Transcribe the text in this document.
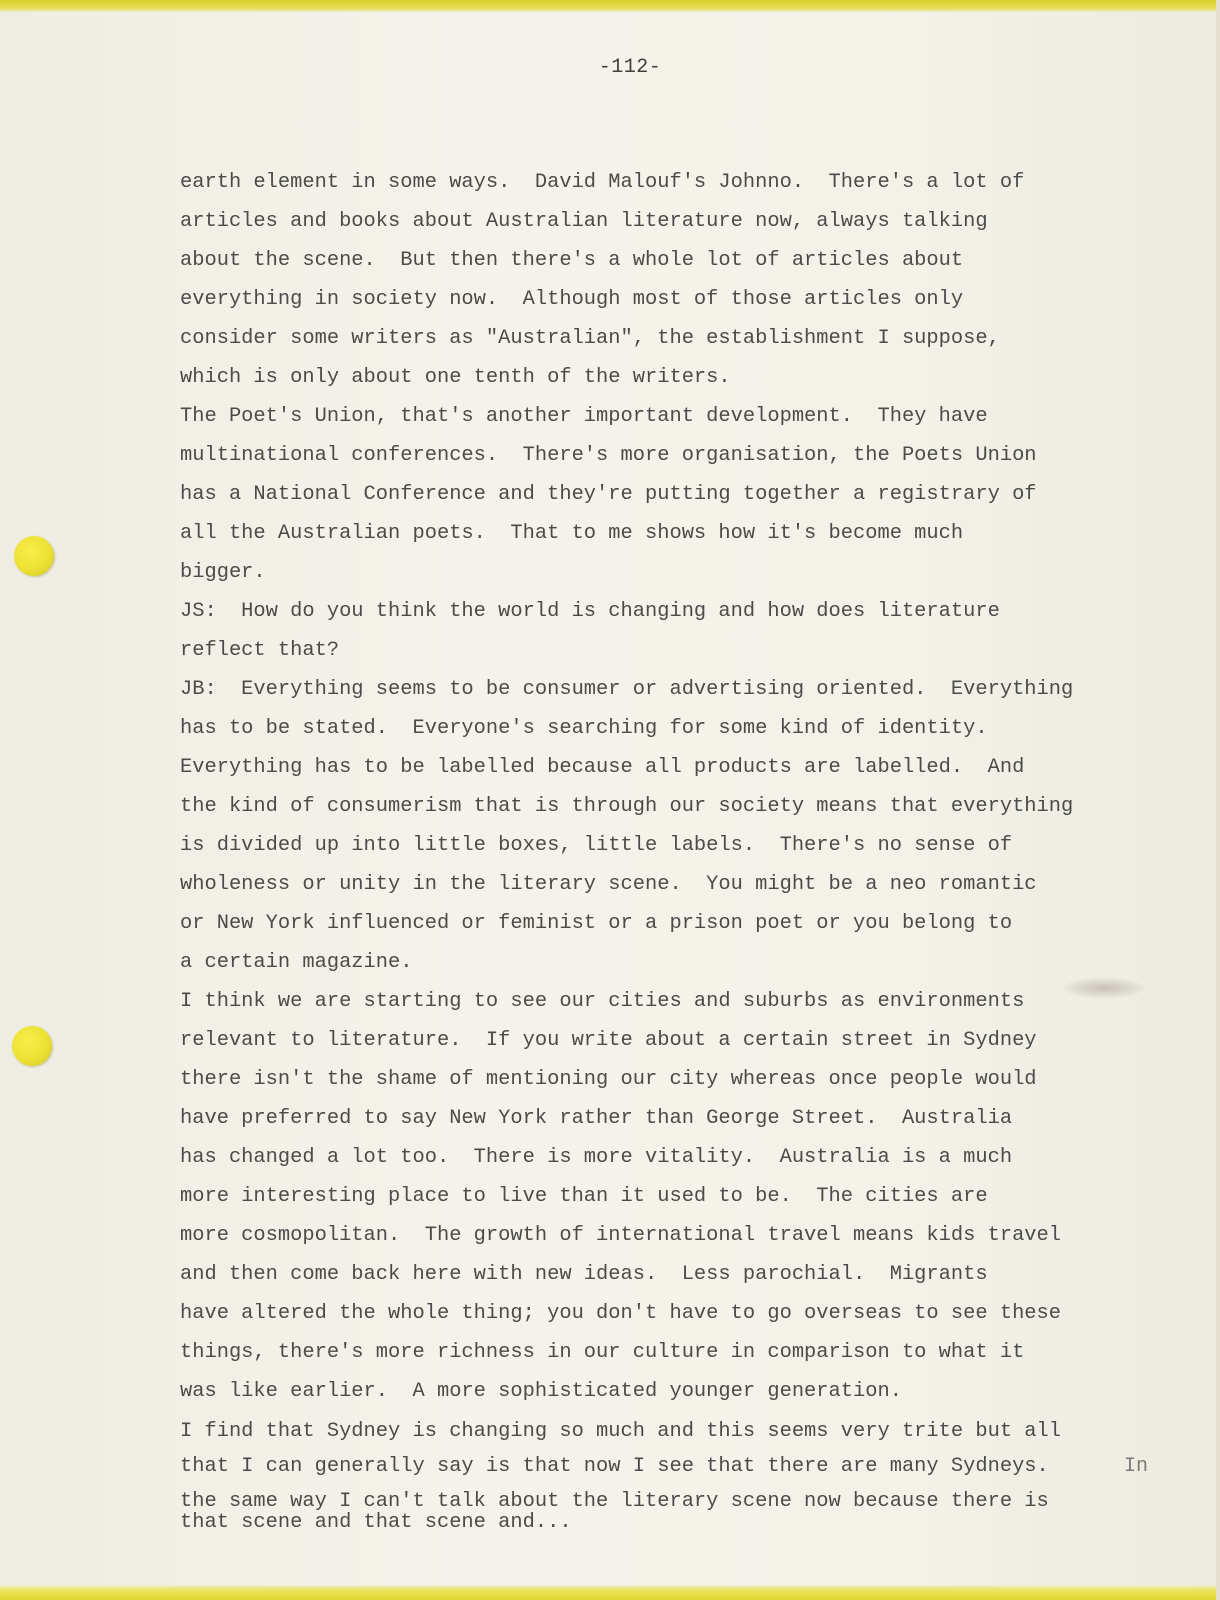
-112-
earth element in some ways.  David Malouf's Johnno.  There's a lot of
articles and books about Australian literature now, always talking
about the scene.  But then there's a whole lot of articles about
everything in society now.  Although most of those articles only
consider some writers as "Australian", the establishment I suppose,
which is only about one tenth of the writers.
The Poet's Union, that's another important development.  They have
multinational conferences.  There's more organisation, the Poets Union
has a National Conference and they're putting together a registrary of
all the Australian poets.  That to me shows how it's become much
bigger.
JS:  How do you think the world is changing and how does literature
reflect that?
JB:  Everything seems to be consumer or advertising oriented.  Everything
has to be stated.  Everyone's searching for some kind of identity.
Everything has to be labelled because all products are labelled.  And
the kind of consumerism that is through our society means that everything
is divided up into little boxes, little labels.  There's no sense of
wholeness or unity in the literary scene.  You might be a neo romantic
or New York influenced or feminist or a prison poet or you belong to
a certain magazine.
I think we are starting to see our cities and suburbs as environments
relevant to literature.  If you write about a certain street in Sydney
there isn't the shame of mentioning our city whereas once people would
have preferred to say New York rather than George Street.  Australia
has changed a lot too.  There is more vitality.  Australia is a much
more interesting place to live than it used to be.  The cities are
more cosmopolitan.  The growth of international travel means kids travel
and then come back here with new ideas.  Less parochial.  Migrants
have altered the whole thing; you don't have to go overseas to see these
things, there's more richness in our culture in comparison to what it
was like earlier.  A more sophisticated younger generation.
I find that Sydney is changing so much and this seems very trite but all
that I can generally say is that now I see that there are many Sydneys.
the same way I can't talk about the literary scene now because there is
that scene and that scene and...
In
